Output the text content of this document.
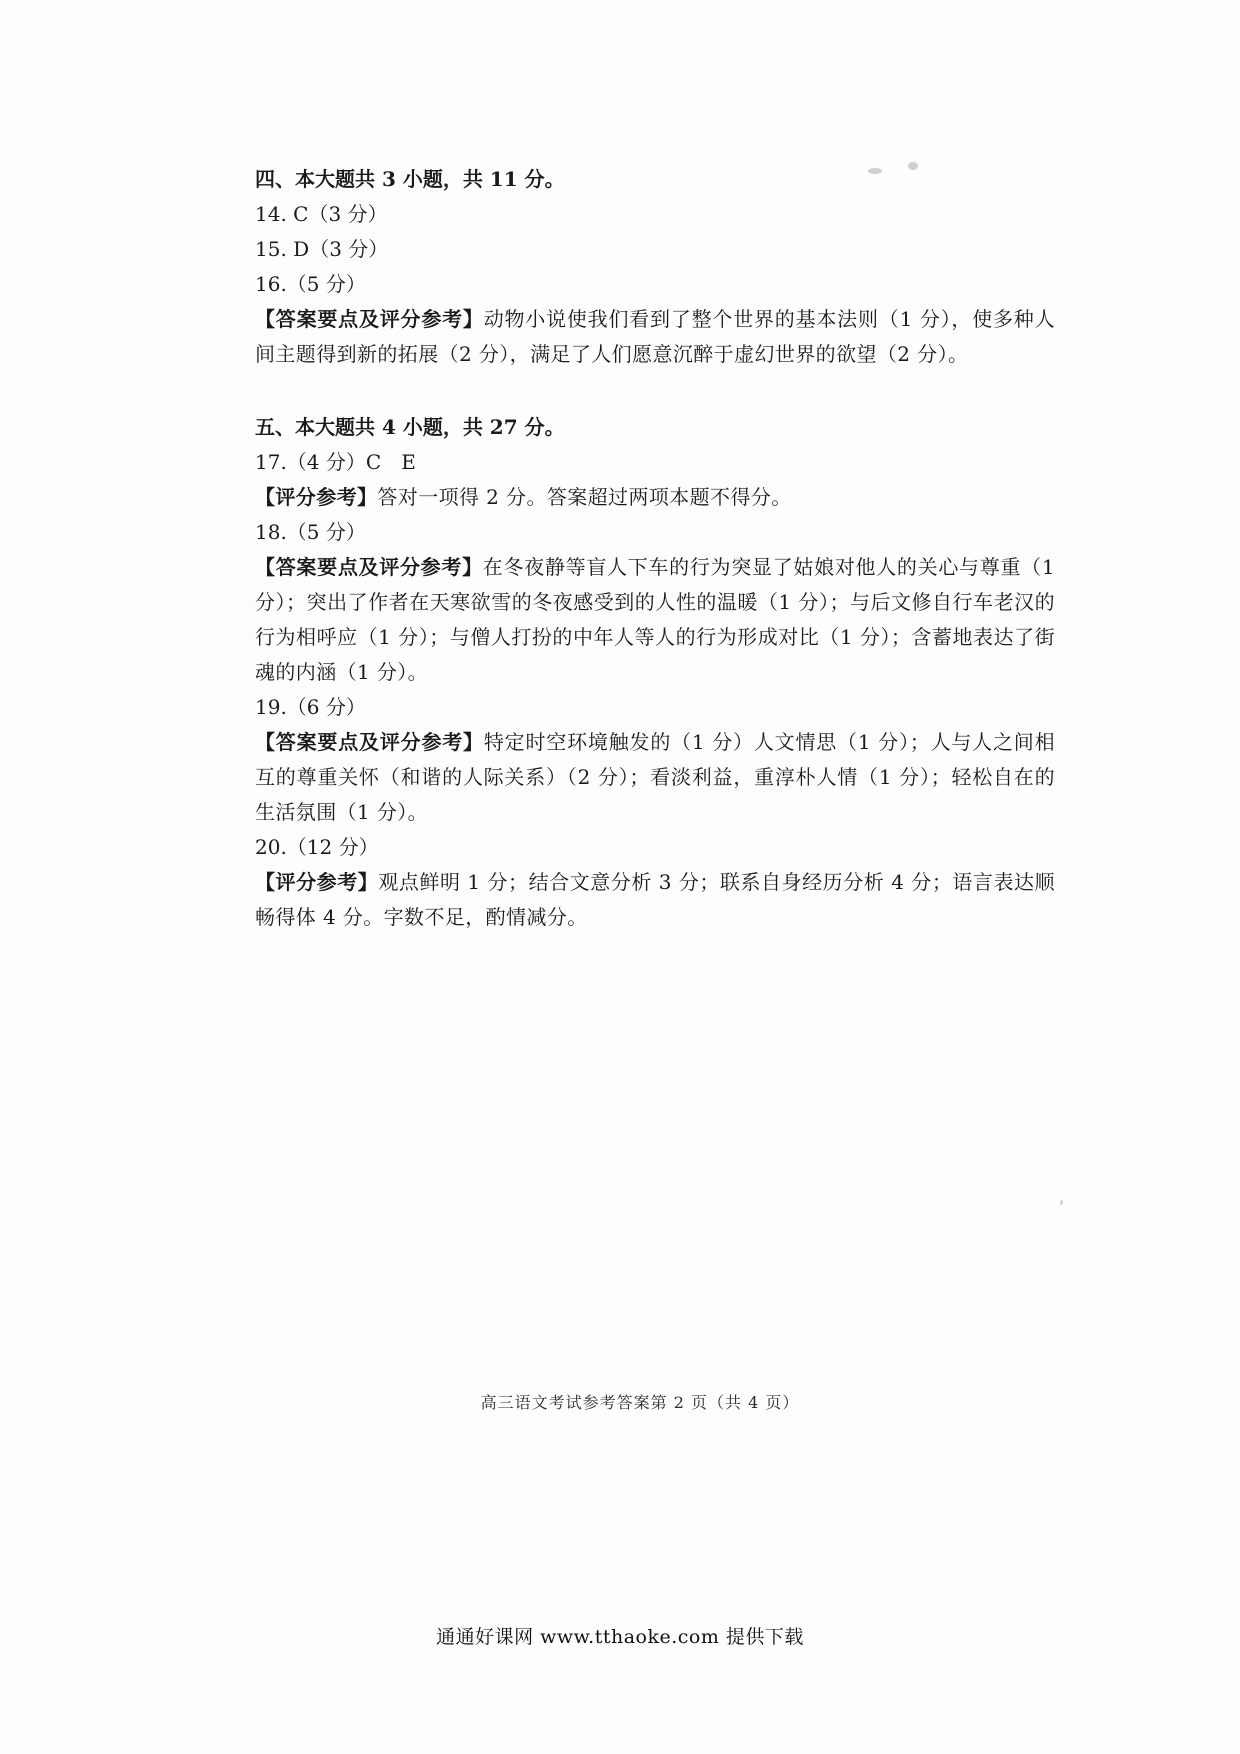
四、本大题共 3 小题，共 11 分。
14. C（3 分）
15. D（3 分）
16.（5 分）
【答案要点及评分参考】动物小说使我们看到了整个世界的基本法则（1 分），使多种人间主题得到新的拓展（2 分），满足了人们愿意沉醉于虚幻世界的欲望（2 分）。
五、本大题共 4 小题，共 27 分。
17.（4 分）C　E
【评分参考】答对一项得 2 分。答案超过两项本题不得分。
18.（5 分）
【答案要点及评分参考】在冬夜静等盲人下车的行为突显了姑娘对他人的关心与尊重（1 分）；突出了作者在天寒欲雪的冬夜感受到的人性的温暖（1 分）；与后文修自行车老汉的行为相呼应（1 分）；与僧人打扮的中年人等人的行为形成对比（1 分）；含蓄地表达了街魂的内涵（1 分）。
19.（6 分）
【答案要点及评分参考】特定时空环境触发的（1 分）人文情思（1 分）；人与人之间相互的尊重关怀（和谐的人际关系）（2 分）；看淡利益，重淳朴人情（1 分）；轻松自在的生活氛围（1 分）。
20.（12 分）
【评分参考】观点鲜明 1 分；结合文意分析 3 分；联系自身经历分析 4 分；语言表达顺畅得体 4 分。字数不足，酌情减分。
高三语文考试参考答案第 2 页（共 4 页）
通通好课网 www.tthaoke.com 提供下载
